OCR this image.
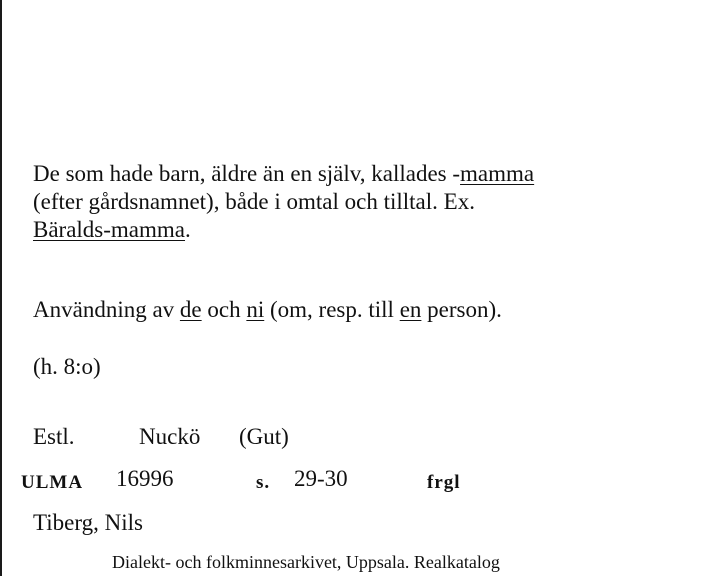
De som hade barn, äldre än en själv, kallades -mamma
(efter gårdsnamnet), både i omtal och tilltal. Ex.
Bäralds-mamma.
Användning av de och ni (om, resp. till en person).
(h. 8:o)
Estl.	Nuckö (Gut)
ULMA 16996	s. 29-30	frgl
Tiberg, Nils
Dialekt- och folkminnesarkivet, Uppsala. Realkatalog
